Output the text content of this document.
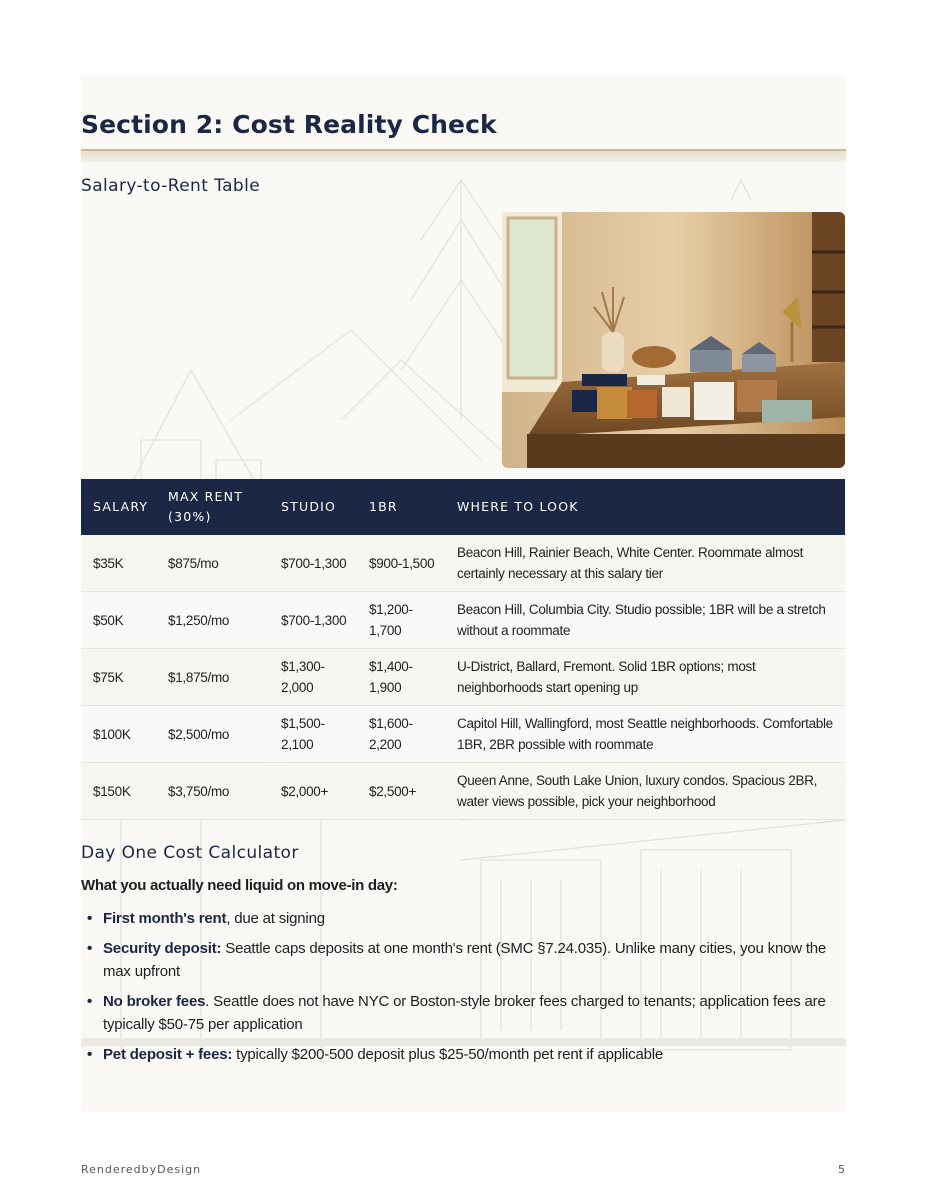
Section 2: Cost Reality Check
Salary-to-Rent Table
SALARY	MAX RENT (30%)	STUDIO	1BR	WHERE TO LOOK
$35K	$875/mo	$700-1,300	$900-1,500	Beacon Hill, Rainier Beach, White Center. Roommate almost certainly necessary at this salary tier
$50K	$1,250/mo	$700-1,300	$1,200-1,700	Beacon Hill, Columbia City. Studio possible; 1BR will be a stretch without a roommate
$75K	$1,875/mo	$1,300-2,000	$1,400-1,900	U-District, Ballard, Fremont. Solid 1BR options; most neighborhoods start opening up
$100K	$2,500/mo	$1,500-2,100	$1,600-2,200	Capitol Hill, Wallingford, most Seattle neighborhoods. Comfortable 1BR, 2BR possible with roommate
$150K	$3,750/mo	$2,000+	$2,500+	Queen Anne, South Lake Union, luxury condos. Spacious 2BR, water views possible, pick your neighborhood
Day One Cost Calculator
What you actually need liquid on move-in day:
• First month's rent, due at signing
• Security deposit: Seattle caps deposits at one month's rent (SMC §7.24.035). Unlike many cities, you know the max upfront
• No broker fees. Seattle does not have NYC or Boston-style broker fees charged to tenants; application fees are typically $50-75 per application
• Pet deposit + fees: typically $200-500 deposit plus $25-50/month pet rent if applicable
RenderedbyDesign	5
